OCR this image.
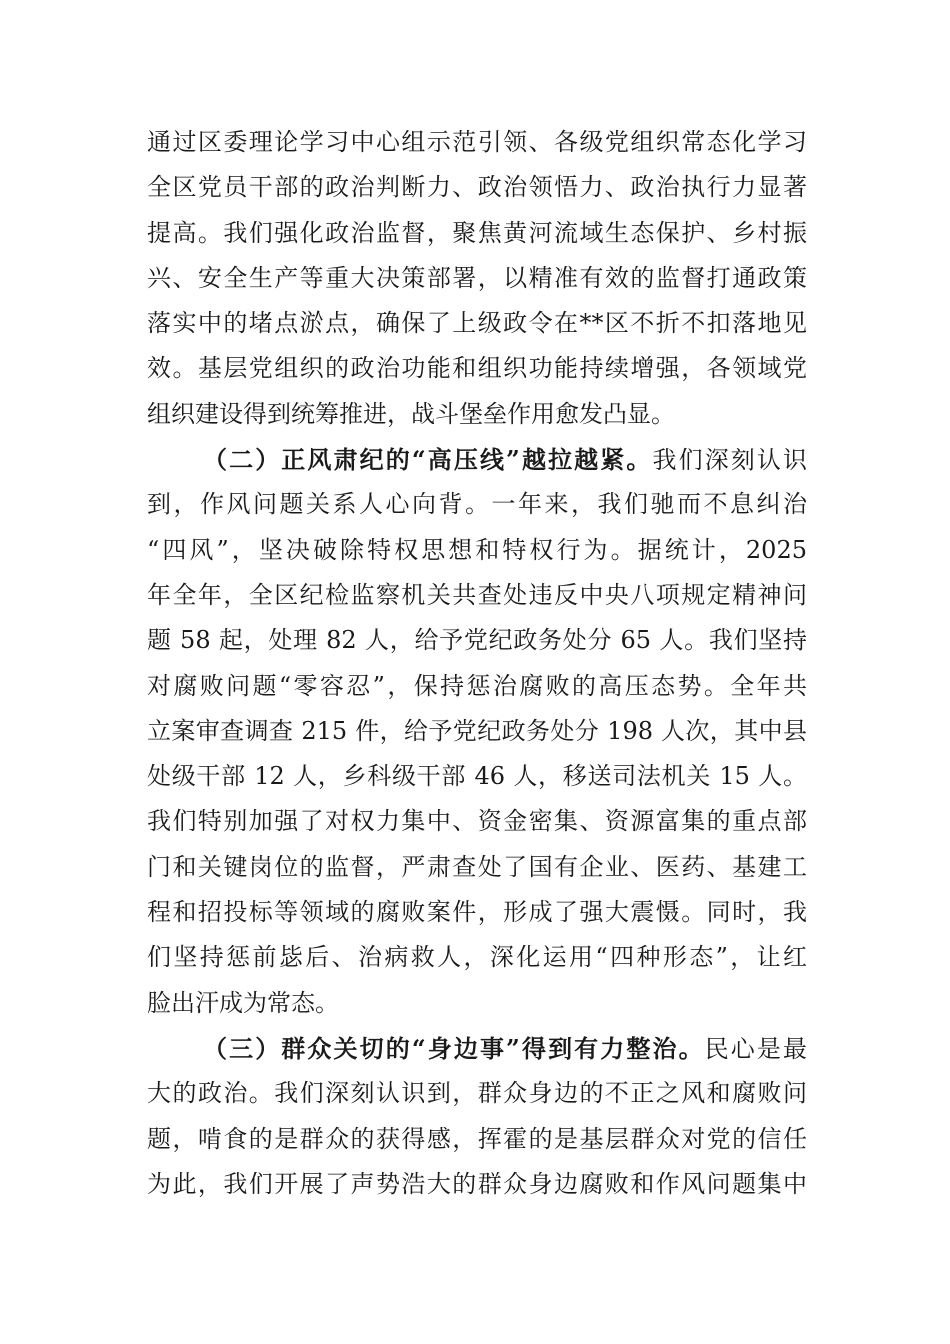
通过区委理论学习中心组示范引领、各级党组织常态化学习
全区党员干部的政治判断力、政治领悟力、政治执行力显著
提高。我们强化政治监督，聚焦黄河流域生态保护、乡村振
兴、安全生产等重大决策部署，以精准有效的监督打通政策
落实中的堵点淤点，确保了上级政令在**区不折不扣落地见
效。基层党组织的政治功能和组织功能持续增强，各领域党
组织建设得到统筹推进，战斗堡垒作用愈发凸显。
（二）正风肃纪的“高压线”越拉越紧。我们深刻认识
到，作风问题关系人心向背。一年来，我们驰而不息纠治
“四风”，坚决破除特权思想和特权行为。据统计，2025
年全年，全区纪检监察机关共查处违反中央八项规定精神问
题 58 起，处理 82 人，给予党纪政务处分 65 人。我们坚持
对腐败问题“零容忍”，保持惩治腐败的高压态势。全年共
立案审查调查 215 件，给予党纪政务处分 198 人次，其中县
处级干部 12 人，乡科级干部 46 人，移送司法机关 15 人。
我们特别加强了对权力集中、资金密集、资源富集的重点部
门和关键岗位的监督，严肃查处了国有企业、医药、基建工
程和招投标等领域的腐败案件，形成了强大震慑。同时，我
们坚持惩前毖后、治病救人，深化运用“四种形态”，让红
脸出汗成为常态。
（三）群众关切的“身边事”得到有力整治。民心是最
大的政治。我们深刻认识到，群众身边的不正之风和腐败问
题，啃食的是群众的获得感，挥霍的是基层群众对党的信任
为此，我们开展了声势浩大的群众身边腐败和作风问题集中
